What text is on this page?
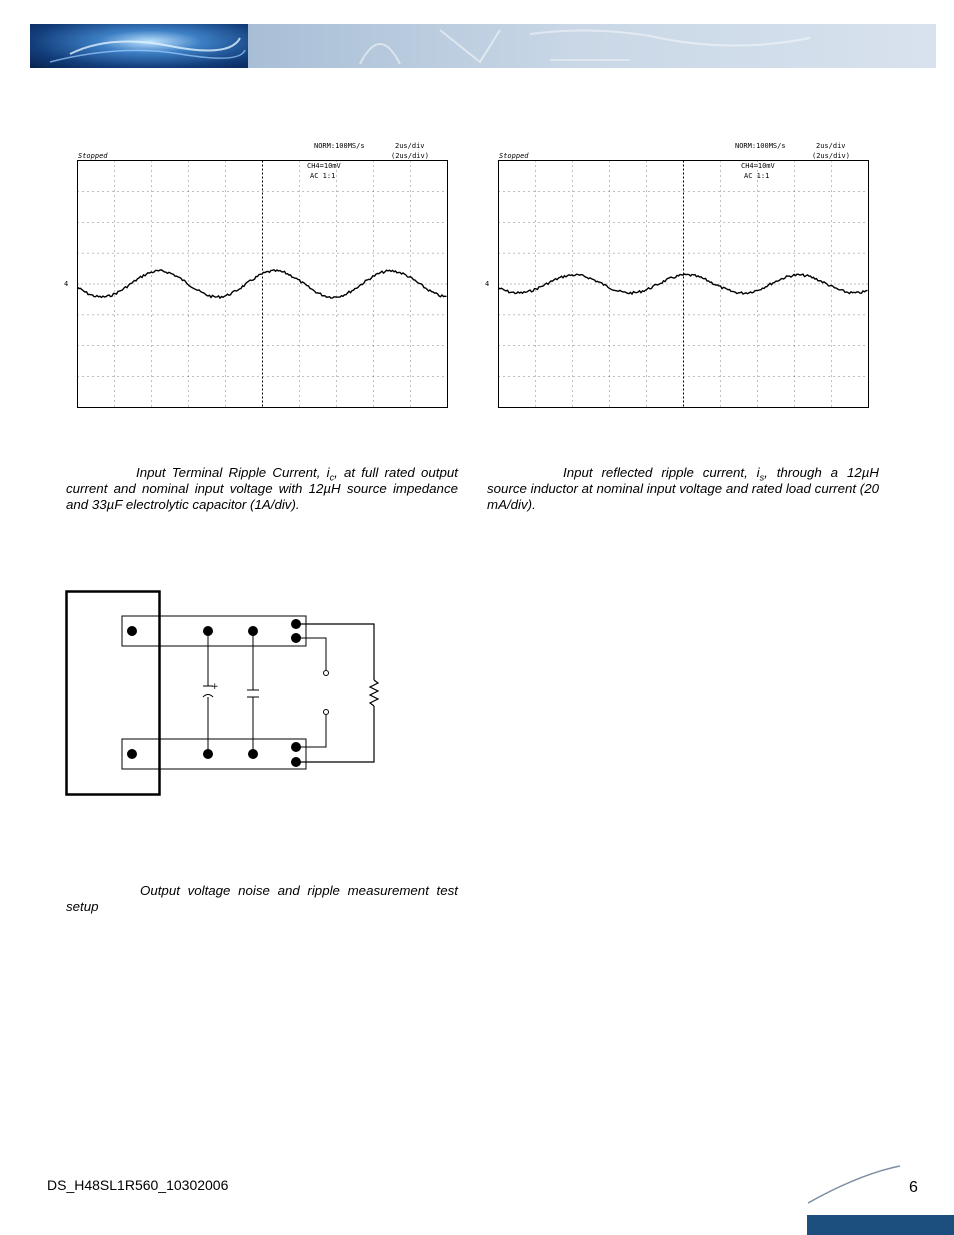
NORM:100MS/s	2us/div
Stopped	(2us/div)
CH4=10mV
AC 1:1
4
NORM:100MS/s	2us/div
Stopped	(2us/div)
CH4=10mV
AC 1:1
4
Input Terminal Ripple Current, $i_c$, at full rated output current and nominal input voltage with 12µH source impedance and 33µF electrolytic capacitor (1A/div).
Input reflected ripple current, $i_s$, through a 12µH source inductor at nominal input voltage and rated load current (20 mA/div).
+
Output voltage noise and ripple measurement test setup
DS_H48SL1R560_10302006	6
